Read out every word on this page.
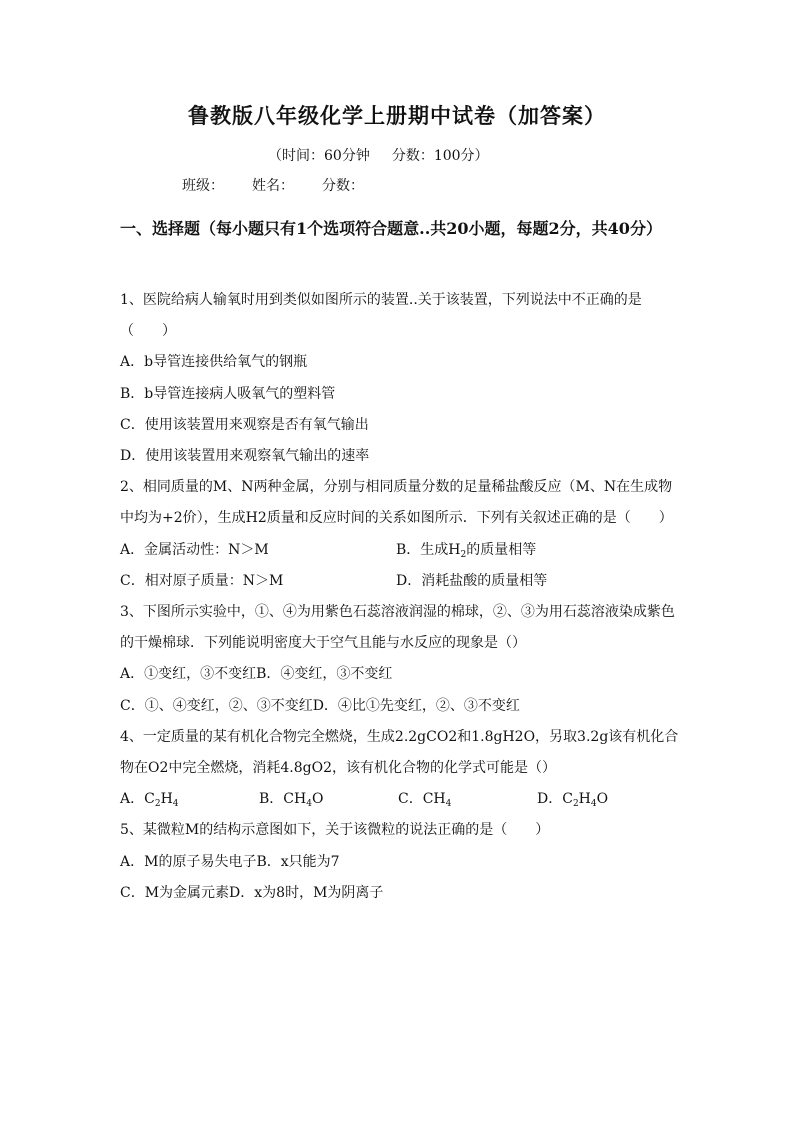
鲁教版八年级化学上册期中试卷（加答案）
（时间：60分钟 分数：100分）
班级： 姓名： 分数：
一、选择题（每小题只有1个选项符合题意..共20小题，每题2分，共40分）
1、医院给病人输氧时用到类似如图所示的装置..关于该装置，下列说法中不正确的是（　　）
A．b导管连接供给氧气的钢瓶
B．b导管连接病人吸氧气的塑料管
C．使用该装置用来观察是否有氧气输出
D．使用该装置用来观察氧气输出的速率
2、相同质量的M、N两种金属，分别与相同质量分数的足量稀盐酸反应（M、N在生成物中均为+2价），生成H2质量和反应时间的关系如图所示．下列有关叙述正确的是（　　）
A．金属活动性：N＞M	B．生成$H_2$的质量相等
C．相对原子质量：N＞M	D．消耗盐酸的质量相等
3、下图所示实验中，①、④为用紫色石蕊溶液润湿的棉球，②、③为用石蕊溶液染成紫色的干燥棉球．下列能说明密度大于空气且能与水反应的现象是（）
A．①变红，③不变红B．④变红，③不变红
C．①、④变红，②、③不变红D．④比①先变红，②、③不变红
4、一定质量的某有机化合物完全燃烧，生成2.2gCO2和1.8gH2O，另取3.2g该有机化合物在O2中完全燃烧，消耗4.8gO2，该有机化合物的化学式可能是（）
A．$C_2H_4$	B．$CH_4O$	C．$CH_4$	D．$C_2H_4O$
5、某微粒M的结构示意图如下，关于该微粒的说法正确的是（　　）
A．M的原子易失电子B．x只能为7
C．M为金属元素D．x为8时，M为阴离子
